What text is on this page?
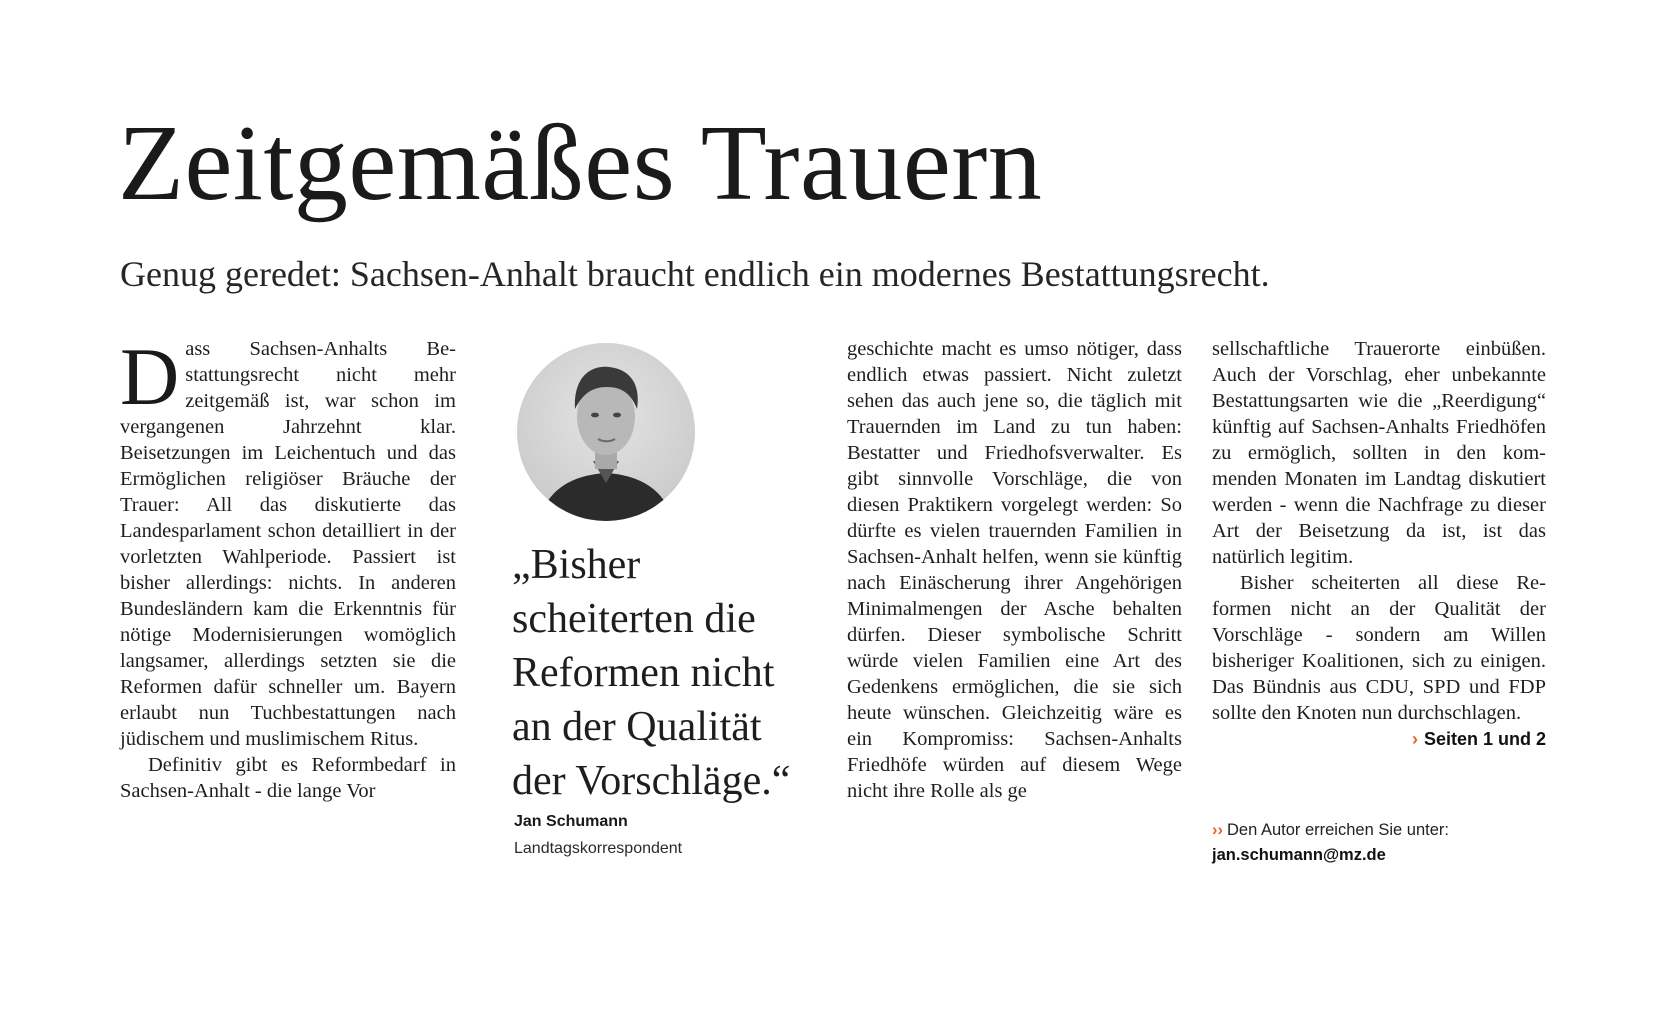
Zeitgemäßes Trauern
Genug geredet: Sachsen-Anhalt braucht endlich ein modernes Bestattungsrecht.

Dass Sachsen-Anhalts Bestattungsrecht nicht mehr zeitgemäß ist, war schon im vergangenen Jahrzehnt klar. Beisetzungen im Leichentuch und das Ermöglichen religiöser Bräuche der Trauer: All das diskutierte das Landesparlament schon detailliert in der vorletzten Wahlperiode. Passiert ist bisher allerdings: nichts. In anderen Bundesländern kam die Erkenntnis für nötige Modernisierungen womöglich langsamer, allerdings setzten sie die Reformen dafür schneller um. Bayern erlaubt nun Tuchbestattungen nach jüdischem und muslimischem Ritus.

Definitiv gibt es Reformbedarf in Sachsen-Anhalt - die lange Vor

„Bisher scheiterten die Reformen nicht an der Qualität der Vorschläge.“

Jan Schumann
Landtagskorrespondent

geschichte macht es umso nötiger, dass endlich etwas passiert. Nicht zuletzt sehen das auch jene so, die täglich mit Trauernden im Land zu tun haben: Bestatter und Friedhofsverwalter. Es gibt sinnvolle Vorschläge, die von diesen Praktikern vorgelegt werden: So dürfte es vielen trauernden Familien in Sachsen-Anhalt helfen, wenn sie künftig nach Einäscherung ihrer Angehörigen Minimalmengen der Asche behalten dürfen. Dieser symbolische Schritt würde vielen Familien eine Art des Gedenkens ermöglichen, die sie sich heute wünschen. Gleichzeitig wäre es ein Kompromiss: Sachsen-Anhalts Friedhöfe würden auf diesem Wege nicht ihre Rolle als ge

sellschaftliche Trauerorte einbüßen. Auch der Vorschlag, eher unbekannte Bestattungsarten wie die „Reerdigung“ künftig auf Sachsen-Anhalts Friedhöfen zu ermöglich, sollten in den kommenden Monaten im Landtag diskutiert werden - wenn die Nachfrage zu dieser Art der Beisetzung da ist, ist das natürlich legitim.

Bisher scheiterten all diese Reformen nicht an der Qualität der Vorschläge - sondern am Willen bisheriger Koalitionen, sich zu einigen. Das Bündnis aus CDU, SPD und FDP sollte den Knoten nun durchschlagen.
› Seiten 1 und 2

›› Den Autor erreichen Sie unter:
jan.schumann@mz.de
